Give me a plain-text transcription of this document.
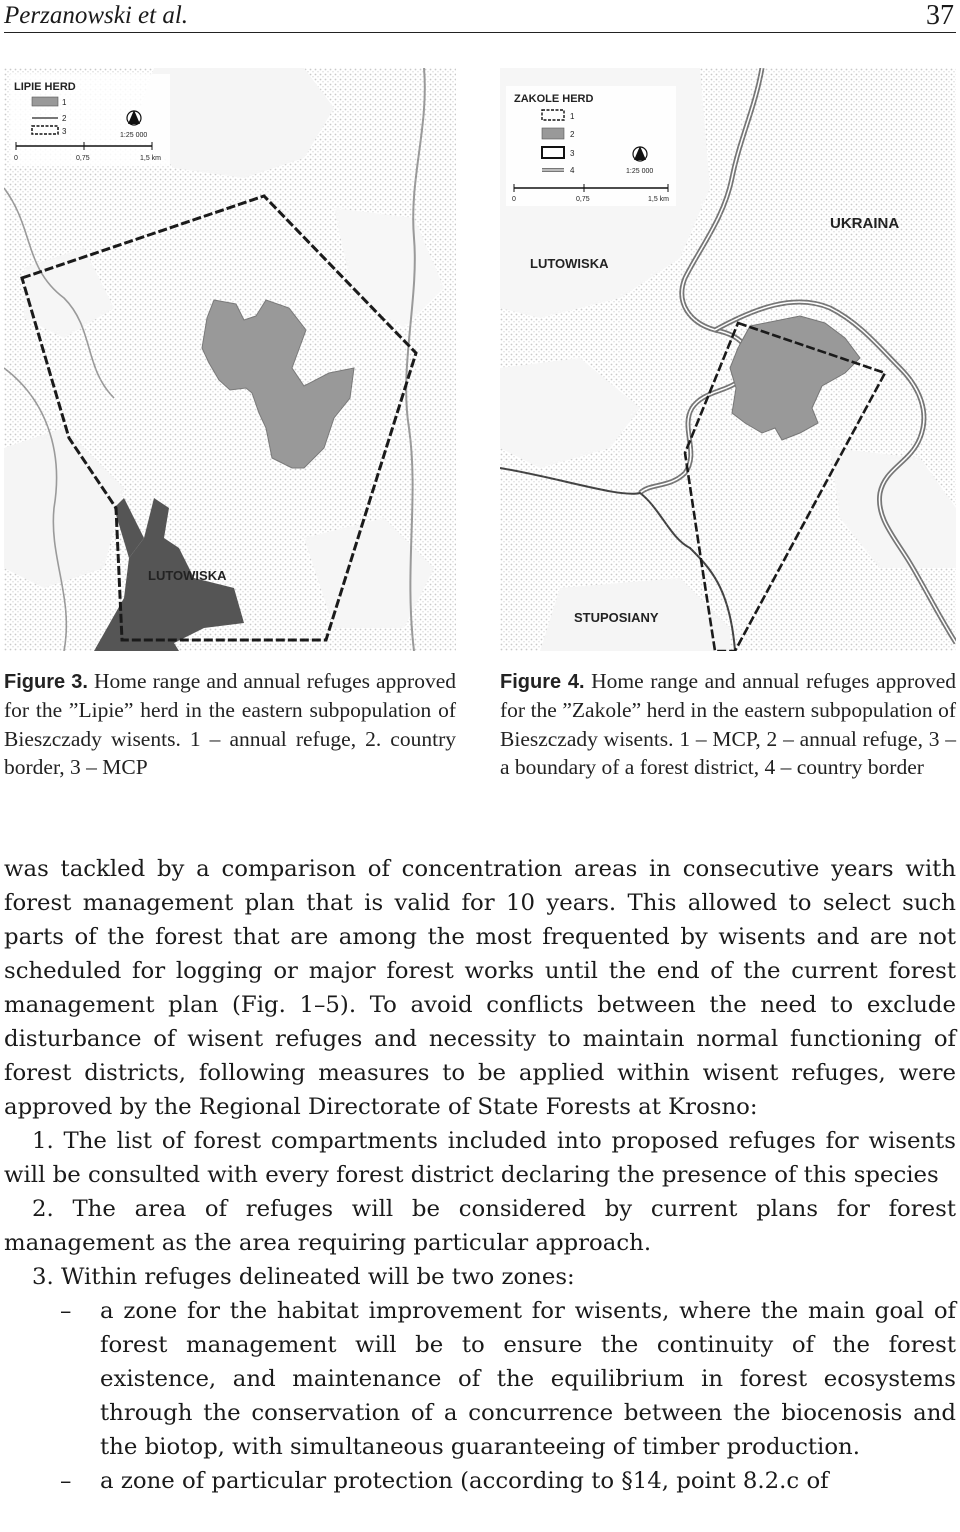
Perzanowski et al.	37
LIPIE HERD
1
2
3	1:25 000
0	0,75	1,5 km
LUTOWISKA
ZAKOLE HERD
1
2
3
4	1:25 000
0	0,75	1,5 km
UKRAINA
LUTOWISKA
STUPOSIANY
Figure 3. Home range and annual refuges approved for the ”Lipie” herd in the eastern subpopulation of Bieszczady wisents. 1 – annual refuge, 2. country border, 3 – MCP
Figure 4. Home range and annual refuges approved for the ”Zakole” herd in the eastern subpopulation of Bieszczady wisents. 1 – MCP, 2 – annual refuge, 3 – a boundary of a forest district, 4 – country border

was tackled by a comparison of concentration areas in consecutive years with forest management plan that is valid for 10 years. This allowed to select such parts of the forest that are among the most frequented by wisents and are not scheduled for logging or major forest works until the end of the current forest management plan (Fig. 1–5). To avoid conflicts between the need to exclude disturbance of wisent refuges and necessity to maintain normal functioning of forest districts, following measures to be applied within wisent refuges, were approved by the Regional Directorate of State Forests at Krosno:

1. The list of forest compartments included into proposed refuges for wisents will be consulted with every forest district declaring the presence of this species

2. The area of refuges will be considered by current plans for forest management as the area requiring particular approach.

3. Within refuges delineated will be two zones:

– a zone for the habitat improvement for wisents, where the main goal of forest management will be to ensure the continuity of the forest existence, and maintenance of the equilibrium in forest ecosystems through the conservation of a concurrence between the biocenosis and the biotop, with simultaneous guaranteeing of timber production.

– a zone of particular protection (according to §14, point 8.2.c of
